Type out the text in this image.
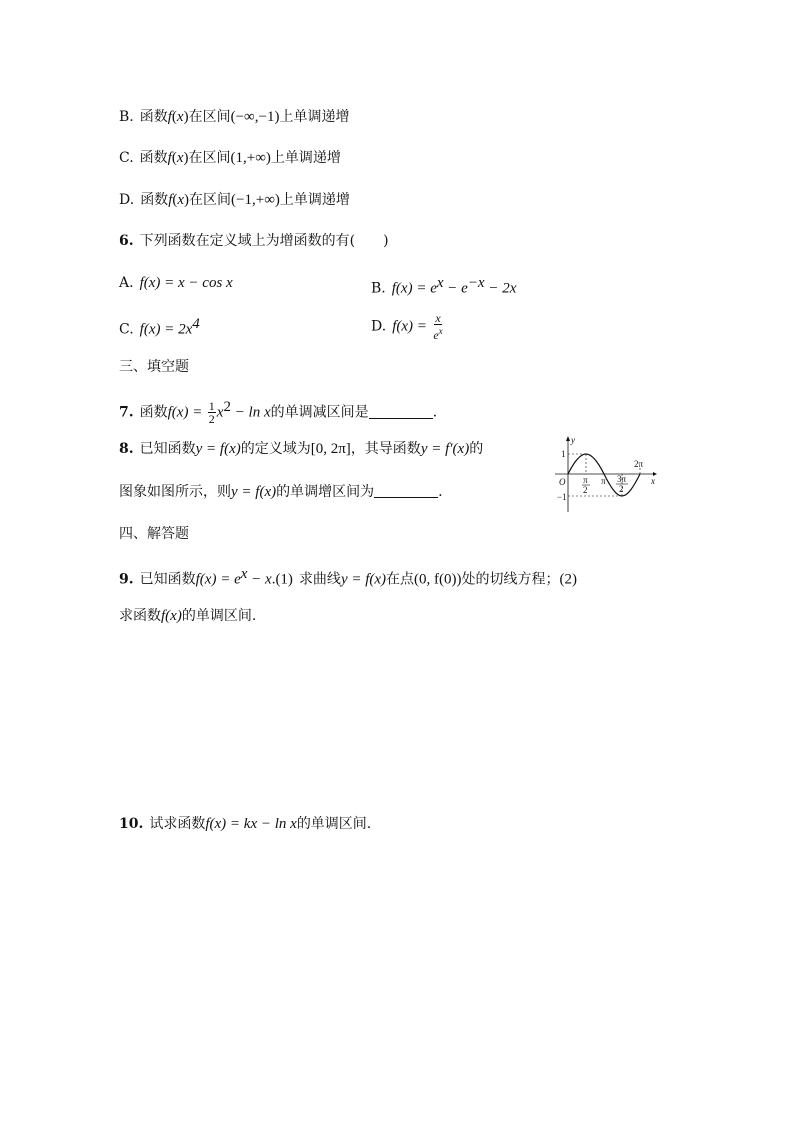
B. 函数f(x)在区间(−∞,−1)上单调递增
C. 函数f(x)在区间(1,+∞)上单调递增
D. 函数f(x)在区间(−1,+∞)上单调递增
6. 下列函数在定义域上为增函数的有(　　)
A. f(x) = x − cos x	B. $f(x) = e^x - e^{-x} - 2x$
C. $f(x) = 2x^4$	D. $f(x) = \frac{x}{e^x}$
三、填空题
7. 函数$f(x) = \frac{1}{2} x^2 - \ln x$的单调减区间是	.
8. 已知函数y = f(x)的定义域为[0, 2π]，其导函数y = f′(x)的
图象如图所示，则y = f(x)的单调增区间为	.
y
x
O
1
−1
π
2
π 3π
2
2π
四、解答题
9. 已知函数$f(x) = e^x - x.(1)$ 求曲线y = f(x)在点(0, f(0))处的切线方程；(2)
求函数f(x)的单调区间.
10. 试求函数f(x) = kx − ln x的单调区间.
